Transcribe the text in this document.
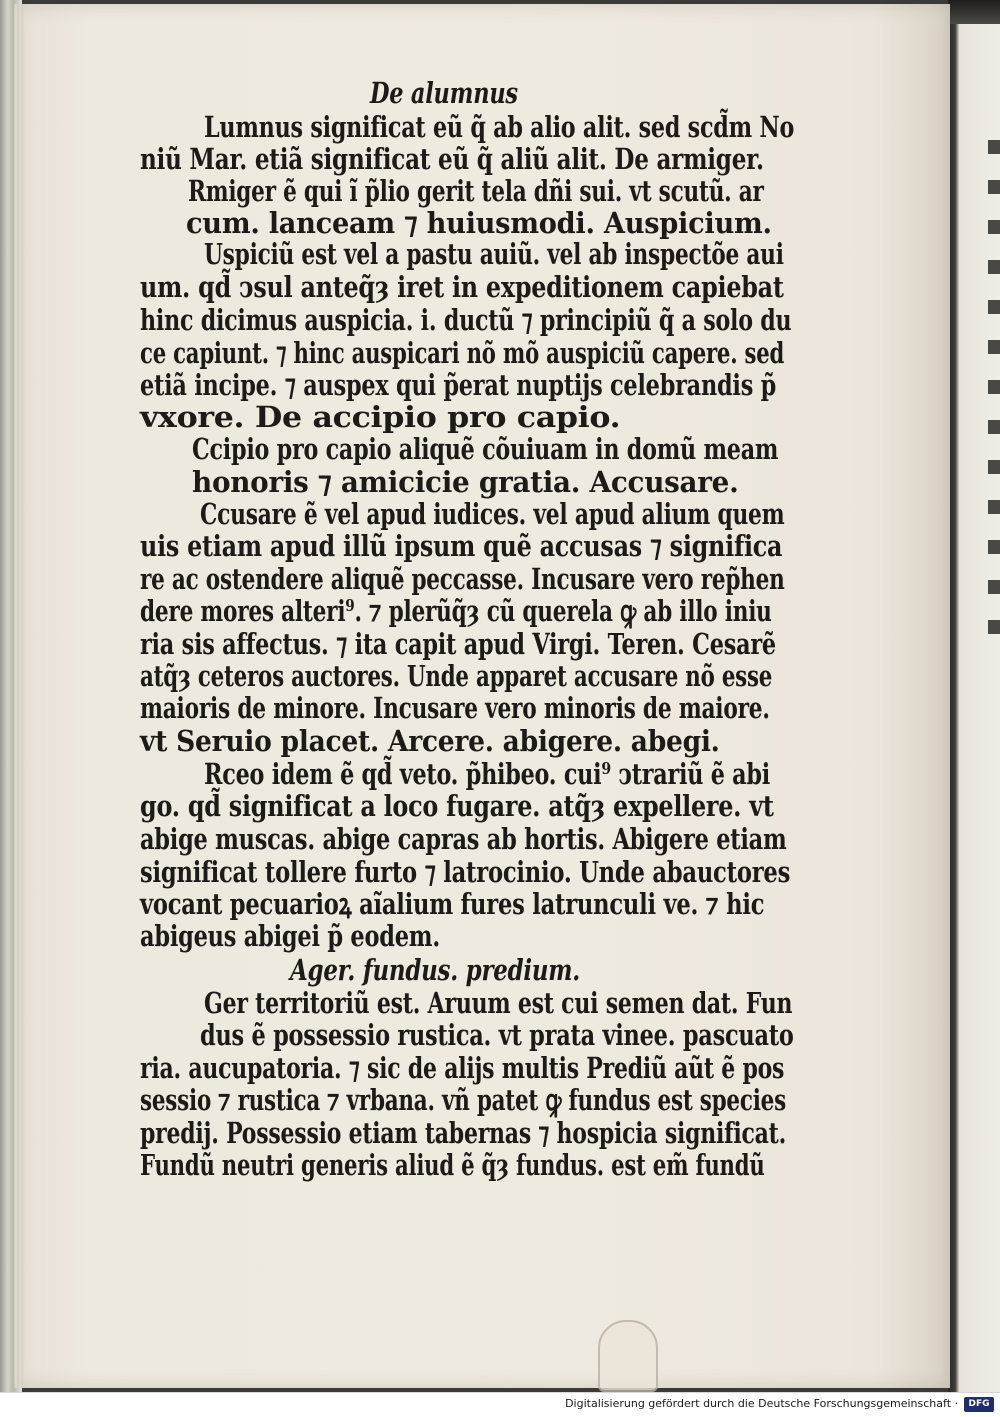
De alumnus
Lumnus significat eũ q̃ ab alio alit. sed scd̃m No
niũ Mar. etiã significat eũ q̃ aliũ alit. De armiger.
Rmiger ẽ qui ĩ p̃lio gerit tela dñi sui. vt scutũ. ar
cum. lanceam ⁊ huiusmodi. Auspicium.
Uspiciũ est vel a pastu auiũ. vel ab inspectõe aui
um. qd̃ ↄsul anteq̃ȝ iret in expeditionem capiebat
hinc dicimus auspicia. i. ductũ ⁊ principiũ q̃ a solo du
ce capiunt. ⁊ hinc auspicari nõ mõ auspiciũ capere. sed
etiã incipe. ⁊ auspex qui p̃erat nuptijs celebrandis p̃
vxore. De accipio pro capio.
Ccipio pro capio aliquẽ cõuiuam in domũ meam
honoris ⁊ amicicie gratia. Accusare.
Ccusare ẽ vel apud iudices. vel apud alium quem
uis etiam apud illũ ipsum quẽ accusas ⁊ significa
re ac ostendere aliquẽ peccasse. Incusare vero rep̃hen
dere mores alteri⁹. ⁊ plerũq̃ȝ cũ querela ꝙ ab illo iniu
ria sis affectus. ⁊ ita capit apud Virgi. Teren. Cesarẽ
atq̃ȝ ceteros auctores. Unde apparet accusare nõ esse
maioris de minore. Incusare vero minoris de maiore.
vt Seruio placet. Arcere. abigere. abegi.
Rceo idem ẽ qd̃ veto. p̃hibeo. cui⁹ ↄtrariũ ẽ abi
go. qd̃ significat a loco fugare. atq̃ȝ expellere. vt
abige muscas. abige capras ab hortis. Abigere etiam
significat tollere furto ⁊ latrocinio. Unde abauctores
vocant pecuarioꝝ aĩalium fures latrunculi ve. ⁊ hic
abigeus abigei p̃ eodem.
Ager. fundus. predium.
Ger territoriũ est. Aruum est cui semen dat. Fun
dus ẽ possessio rustica. vt prata vinee. pascuato
ria. aucupatoria. ⁊ sic de alijs multis Prediũ aũt ẽ pos
sessio ⁊ rustica ⁊ vrbana. vñ patet ꝙ fundus est species
predij. Possessio etiam tabernas ⁊ hospicia significat.
Fundũ neutri generis aliud ẽ q̃ȝ fundus. est em̃ fundũ
Digitalisierung gefördert durch die Deutsche Forschungsgemeinschaft ·	DFG
